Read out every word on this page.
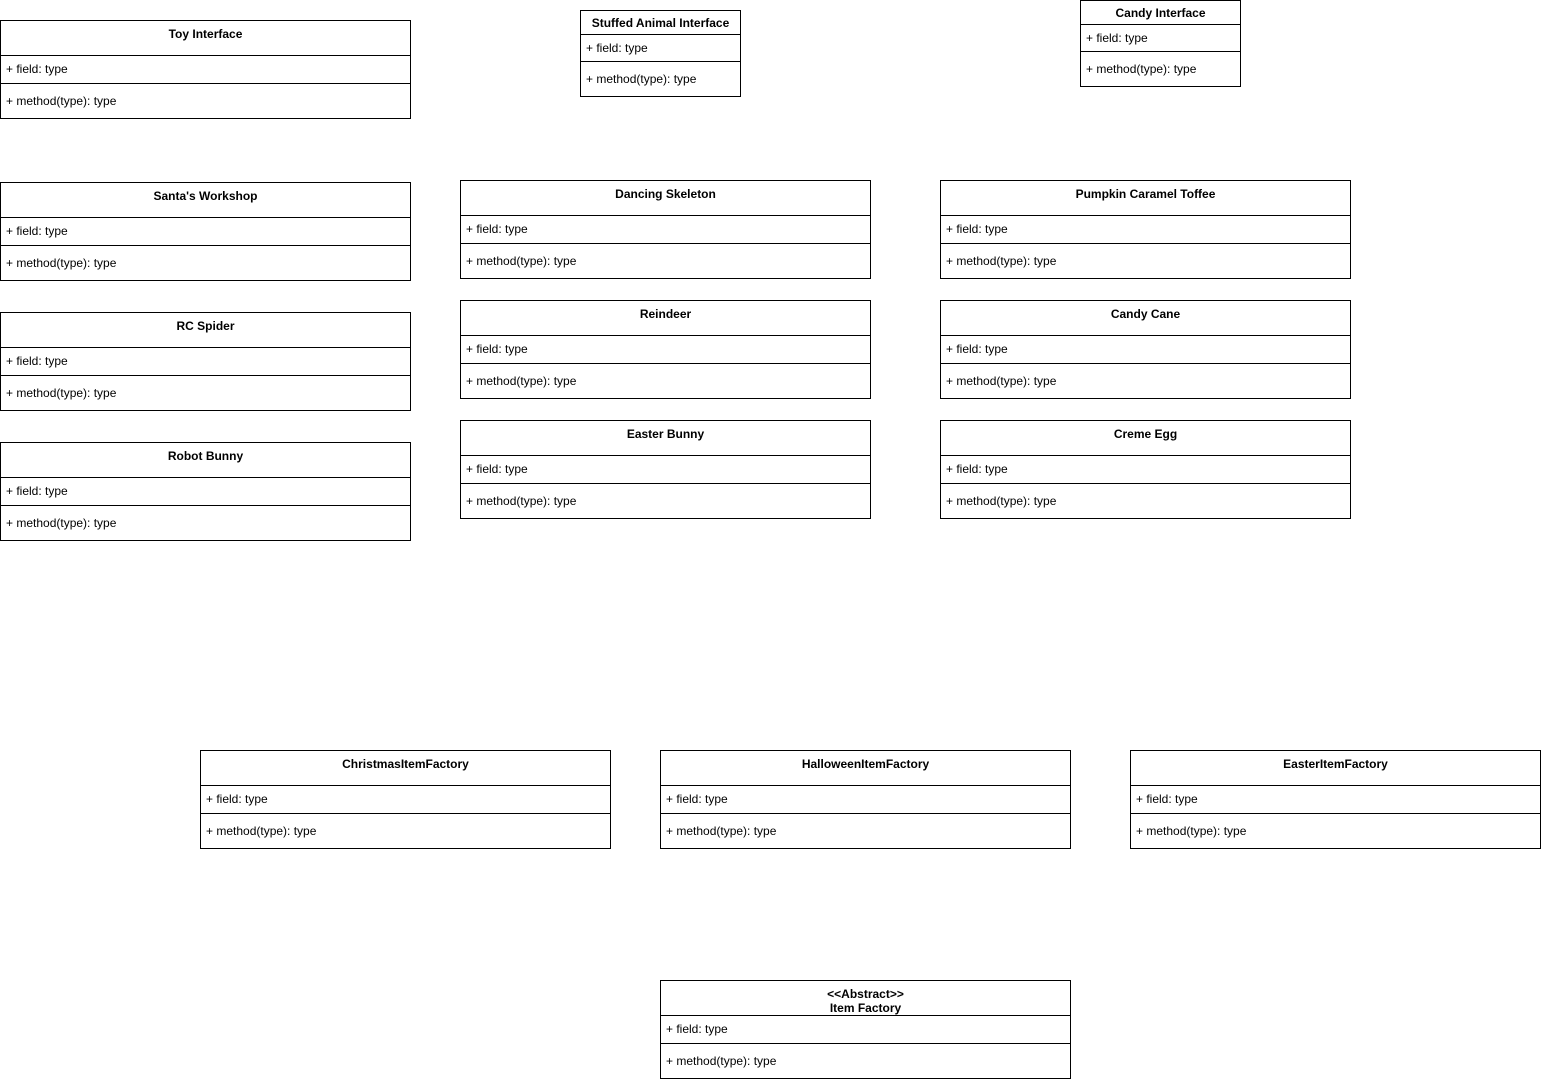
Toy Interface
+ field: type
+ method(type): type
Stuffed Animal Interface
+ field: type
+ method(type): type
Candy Interface
+ field: type
+ method(type): type
Santa's Workshop
+ field: type
+ method(type): type
RC Spider
+ field: type
+ method(type): type
Robot Bunny
+ field: type
+ method(type): type
Dancing Skeleton
+ field: type
+ method(type): type
Reindeer
+ field: type
+ method(type): type
Easter Bunny
+ field: type
+ method(type): type
Pumpkin Caramel Toffee
+ field: type
+ method(type): type
Candy Cane
+ field: type
+ method(type): type
Creme Egg
+ field: type
+ method(type): type
ChristmasItemFactory
+ field: type
+ method(type): type
HalloweenItemFactory
+ field: type
+ method(type): type
EasterItemFactory
+ field: type
+ method(type): type
<<Abstract>>
Item Factory
+ field: type
+ method(type): type
